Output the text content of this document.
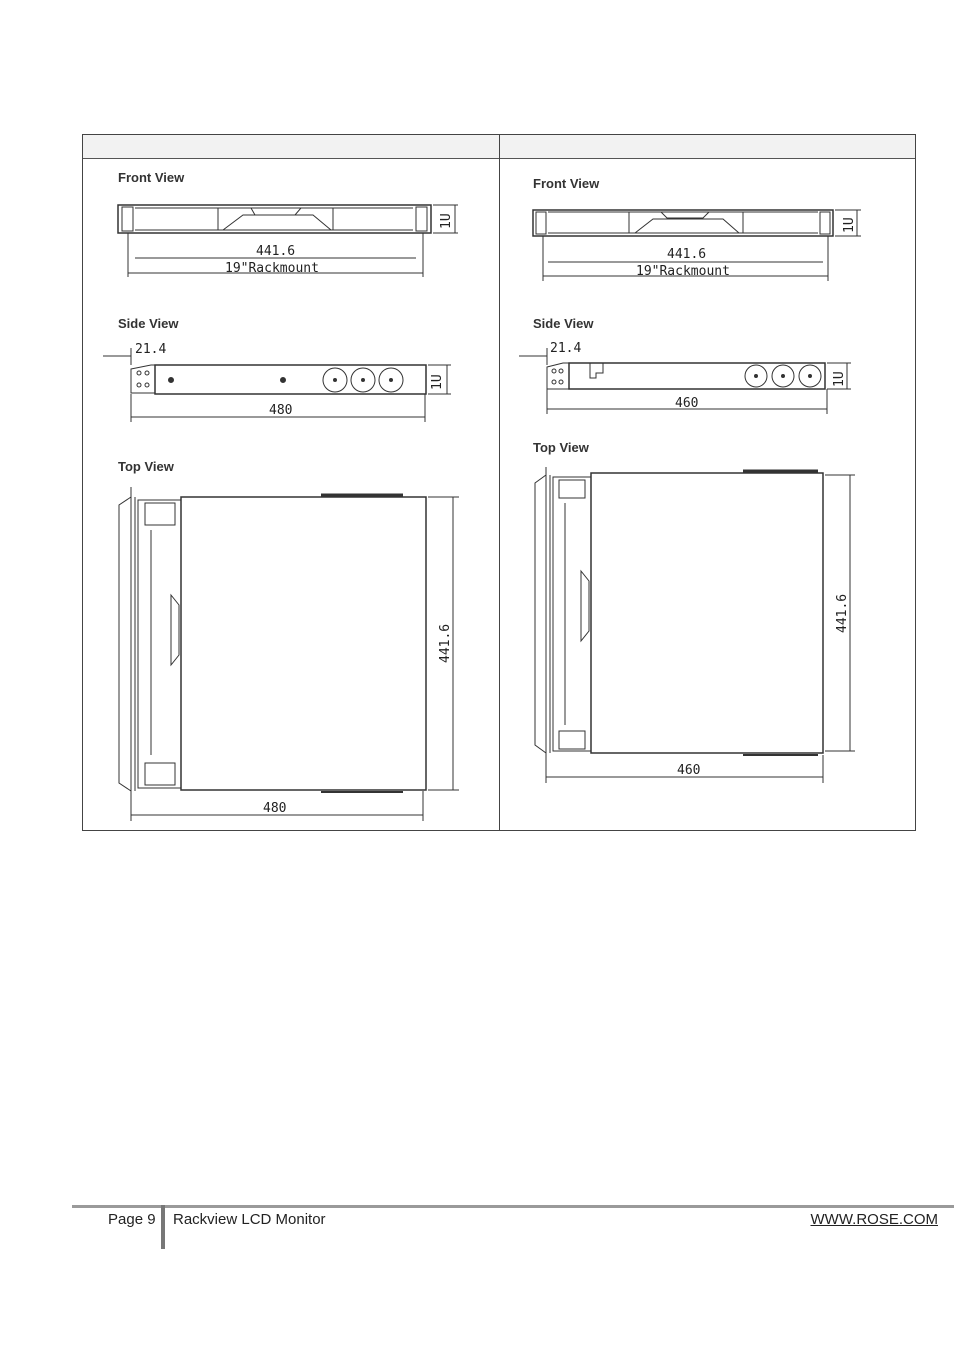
Front View
1U
441.6
19"Rackmount
Side View
21.4
1U
480
Top View
441.6
480
Front View
1U
441.6
19"Rackmount
Side View
21.4
1U
460
Top View
441.6
460
Page 9 Rackview LCD Monitor	WWW.ROSE.COM
